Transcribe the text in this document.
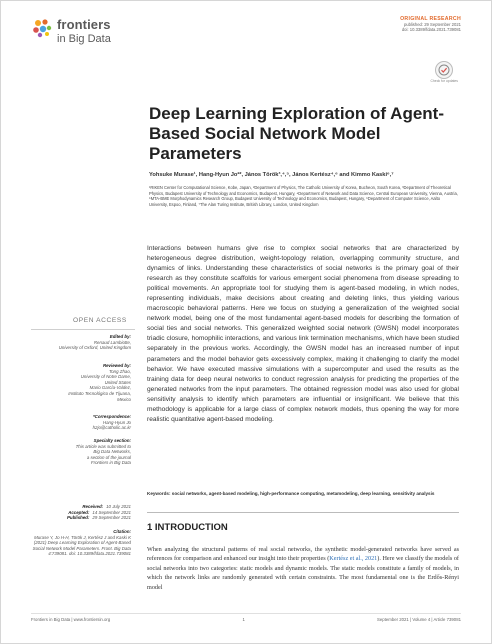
frontiers
in Big Data
ORIGINAL RESEARCH
published: 29 September 2021
doi: 10.3389/fdata.2021.739081
Check for updates
Deep Learning Exploration of Agent-Based Social Network Model Parameters
Yohsuke Murase¹, Hang-Hyun Jo²*, János Török³,⁴,⁵, János Kertész⁴,⁶ and Kimmo Kaski⁶,⁷
¹RIKEN Center for Computational Science, Kobe, Japan, ²Department of Physics, The Catholic University of Korea, Bucheon, South Korea, ³Department of Theoretical Physics, Budapest University of Technology and Economics, Budapest, Hungary, ⁴Department of Network and Data Science, Central European University, Vienna, Austria, ⁵MTA-BME Morphodynamics Research Group, Budapest University of Technology and Economics, Budapest, Hungary, ⁶Department of Computer Science, Aalto University, Espoo, Finland, ⁷The Alan Turing Institute, British Library, London, United Kingdom
OPEN ACCESS
Edited by:
Renaud Lambiotte,
University of Oxford, United Kingdom
Reviewed by:
Tong Zhao,
University of Notre Dame,
United States
Mario García-Valdez,
Instituto Tecnológico de Tijuana,
Mexico
*Correspondence:
Hang-Hyun Jo
h2jo@catholic.ac.kr
Specialty section:
This article was submitted to
Big Data Networks,
a section of the journal
Frontiers in Big Data
Received: 10 July 2021
Accepted: 14 September 2021
Published: 29 September 2021
Citation:
Murase Y, Jo H-H, Török J, Kertész J and Kaski K (2021) Deep Learning Exploration of Agent-Based Social Network Model Parameters. Front. Big Data 4:739081. doi: 10.3389/fdata.2021.739081

Interactions between humans give rise to complex social networks that are characterized by heterogeneous degree distribution, weight-topology relation, overlapping community structure, and dynamics of links. Understanding these characteristics of social networks is the primary goal of their research as they constitute scaffolds for various emergent social phenomena from disease spreading to political movements. An appropriate tool for studying them is agent-based modeling, in which nodes, representing individuals, make decisions about creating and deleting links, thus yielding various macroscopic behavioral patterns. Here we focus on studying a generalization of the weighted social network model, being one of the most fundamental agent-based models for describing the formation of social ties and social networks. This generalized weighted social network (GWSN) model incorporates triadic closure, homophilic interactions, and various link termination mechanisms, which have been studied separately in the previous works. Accordingly, the GWSN model has an increased number of input parameters and the model behavior gets excessively complex, making it challenging to clarify the model behavior. We have executed massive simulations with a supercomputer and used the results as the training data for deep neural networks to conduct regression analysis for predicting the properties of the generated networks from the input parameters. The obtained regression model was also used for global sensitivity analysis to identify which parameters are influential or insignificant. We believe that this methodology is applicable for a large class of complex network models, thus opening the way for more realistic quantitative agent-based modeling.

Keywords: social networks, agent-based modeling, high-performance computing, metamodeling, deep learning, sensitivity analysis
1 INTRODUCTION

When analyzing the structural patterns of real social networks, the synthetic model-generated networks have served as references for comparison and enhanced our insight into their properties (Kertész et al., 2021). Here we classify the models of social networks into two categories: static models and dynamic models. The static models constitute a family of models, in which the network links are randomly generated with certain constraints. The most fundamental one is the Erdős-Rényi model

Frontiers in Big Data | www.frontiersin.org	1	September 2021 | Volume 4 | Article 739081
